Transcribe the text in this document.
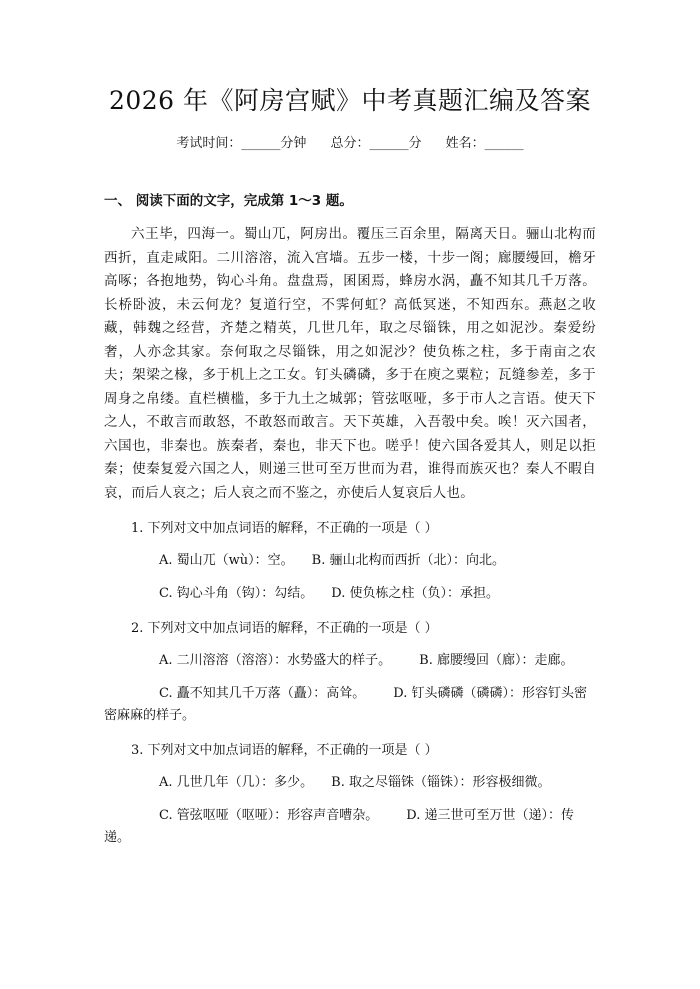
2026 年《阿房宫赋》中考真题汇编及答案
考试时间：______分钟 总分：______分 姓名：______
一、 阅读下面的文字，完成第 1～3 题。
六王毕，四海一。蜀山兀，阿房出。覆压三百余里，隔离天日。骊山北构而西折，直走咸阳。二川溶溶，流入宫墙。五步一楼，十步一阁；廊腰缦回，檐牙高啄；各抱地势，钩心斗角。盘盘焉，囷囷焉，蜂房水涡，矗不知其几千万落。长桥卧波，未云何龙？复道行空，不霁何虹？高低冥迷，不知西东。燕赵之收藏，韩魏之经营，齐楚之精英，几世几年，取之尽锱铢，用之如泥沙。秦爱纷奢，人亦念其家。奈何取之尽锱铢，用之如泥沙？使负栋之柱，多于南亩之农夫；架梁之椽，多于机上之工女。钉头磷磷，多于在庾之粟粒；瓦缝参差，多于周身之帛缕。直栏横槛，多于九土之城郭；管弦呕哑，多于市人之言语。使天下之人，不敢言而敢怒，不敢怒而敢言。天下英雄，入吾彀中矣。唉！灭六国者，六国也，非秦也。族秦者，秦也，非天下也。嗟乎！使六国各爱其人，则足以拒秦；使秦复爱六国之人，则递三世可至万世而为君，谁得而族灭也？秦人不暇自哀，而后人哀之；后人哀之而不鉴之，亦使后人复哀后人也。
1. 下列对文中加点词语的解释，不正确的一项是（ ）
A. 蜀山兀（wù）：空。 B. 骊山北构而西折（北）：向北。
C. 钩心斗角（钩）：勾结。 D. 使负栋之柱（负）：承担。
2. 下列对文中加点词语的解释，不正确的一项是（ ）
A. 二川溶溶（溶溶）：水势盛大的样子。 B. 廊腰缦回（廊）：走廊。
C. 矗不知其几千万落（矗）：高耸。 D. 钉头磷磷（磷磷）：形容钉头密密麻麻的样子。
3. 下列对文中加点词语的解释，不正确的一项是（ ）
A. 几世几年（几）：多少。 B. 取之尽锱铢（锱铢）：形容极细微。
C. 管弦呕哑（呕哑）：形容声音嘈杂。 D. 递三世可至万世（递）：传递。
